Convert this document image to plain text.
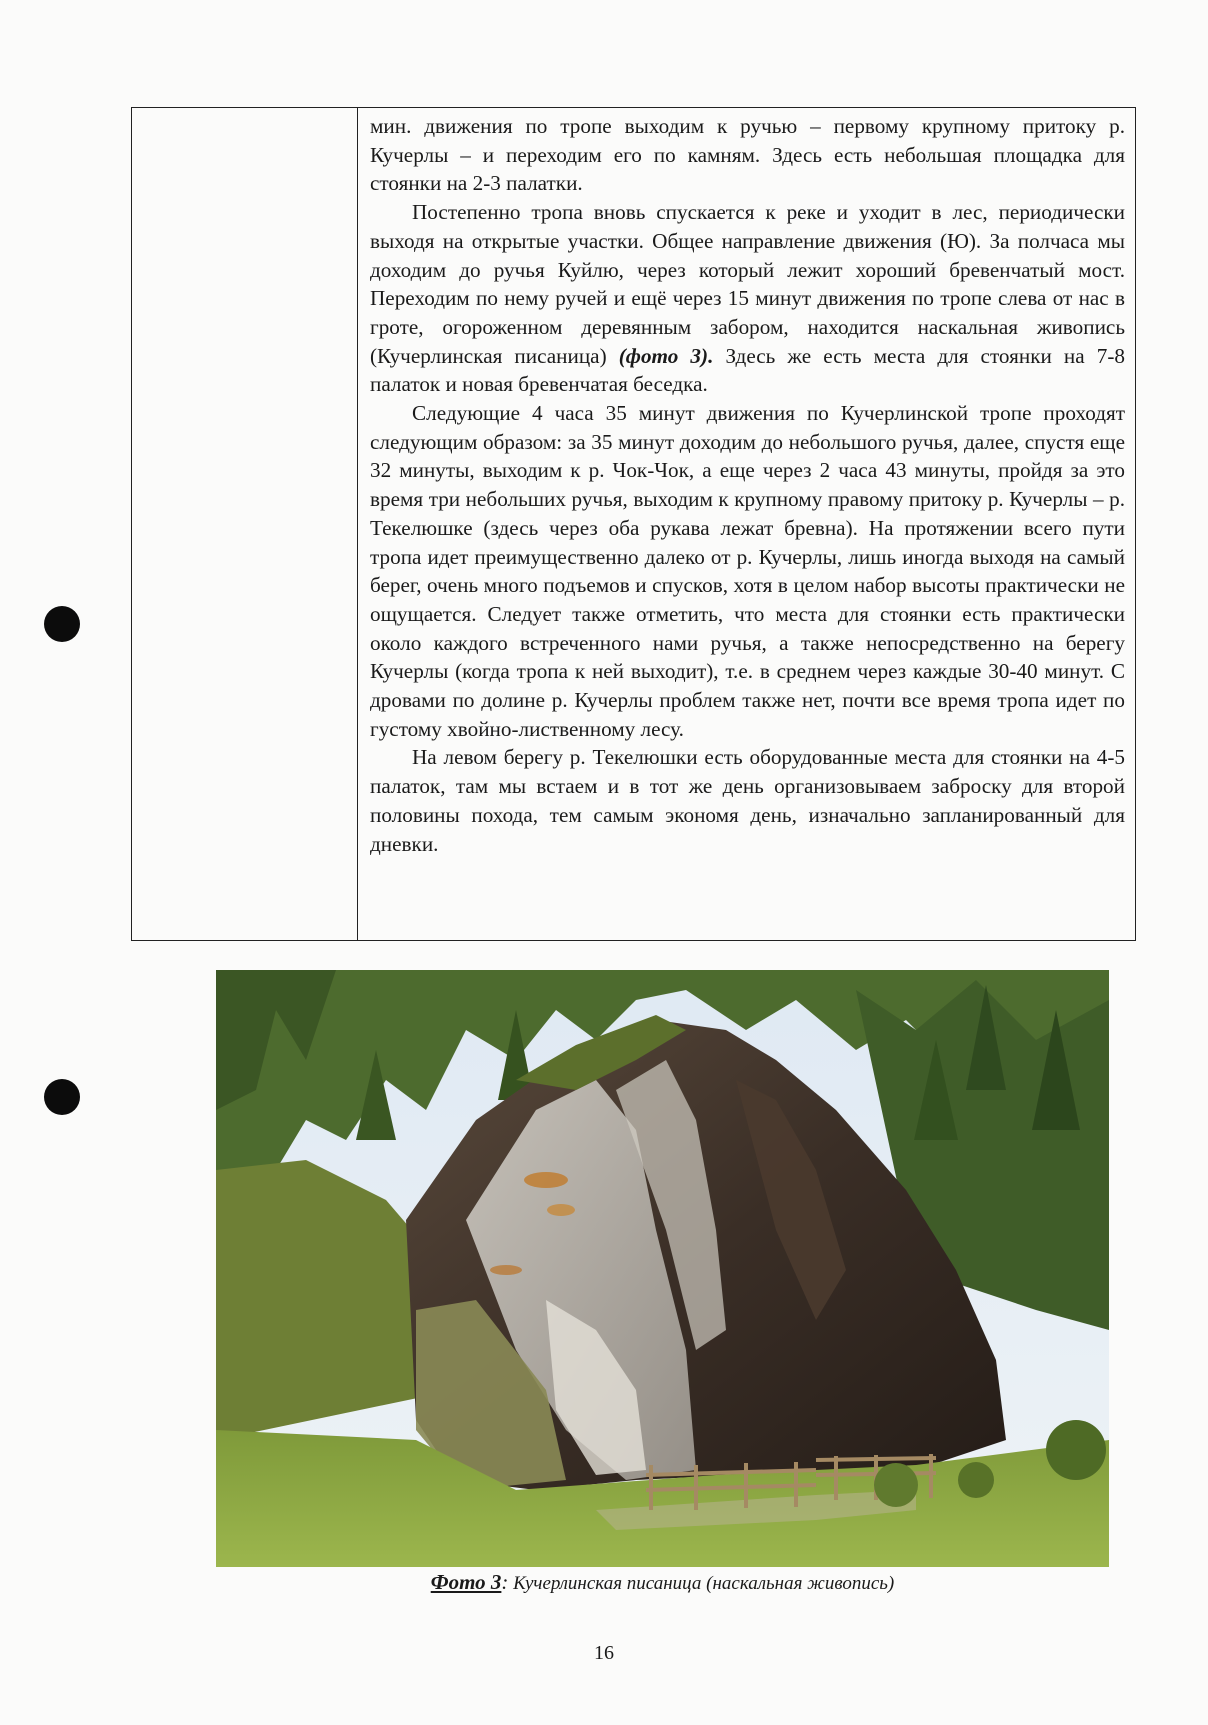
мин. движения по тропе выходим к ручью – первому крупному притоку р. Кучерлы – и переходим его по камням. Здесь есть небольшая площадка для стоянки на 2-3 палатки.

Постепенно тропа вновь спускается к реке и уходит в лес, периодически выходя на открытые участки. Общее направление движения (Ю). За полчаса мы доходим до ручья Куйлю, через который лежит хороший бревенчатый мост. Переходим по нему ручей и ещё через 15 минут движения по тропе слева от нас в гроте, огороженном деревянным забором, находится наскальная живопись (Кучерлинская писаница) (фото 3). Здесь же есть места для стоянки на 7-8 палаток и новая бревенчатая беседка.

Следующие 4 часа 35 минут движения по Кучерлинской тропе проходят следующим образом: за 35 минут доходим до небольшого ручья, далее, спустя еще 32 минуты, выходим к р. Чок-Чок, а еще через 2 часа 43 минуты, пройдя за это время три небольших ручья, выходим к крупному правому притоку р. Кучерлы – р. Текелюшке (здесь через оба рукава лежат бревна). На протяжении всего пути тропа идет преимущественно далеко от р. Кучерлы, лишь иногда выходя на самый берег, очень много подъемов и спусков, хотя в целом набор высоты практически не ощущается. Следует также отметить, что места для стоянки есть практически около каждого встреченного нами ручья, а также непосредственно на берегу Кучерлы (когда тропа к ней выходит), т.е. в среднем через каждые 30-40 минут. С дровами по долине р. Кучерлы проблем также нет, почти все время тропа идет по густому хвойно-лиственному лесу.

На левом берегу р. Текелюшки есть оборудованные места для стоянки на 4-5 палаток, там мы встаем и в тот же день организовываем заброску для второй половины похода, тем самым экономя день, изначально запланированный для дневки.

Фото 3: Кучерлинская писаница (наскальная живопись)
16
